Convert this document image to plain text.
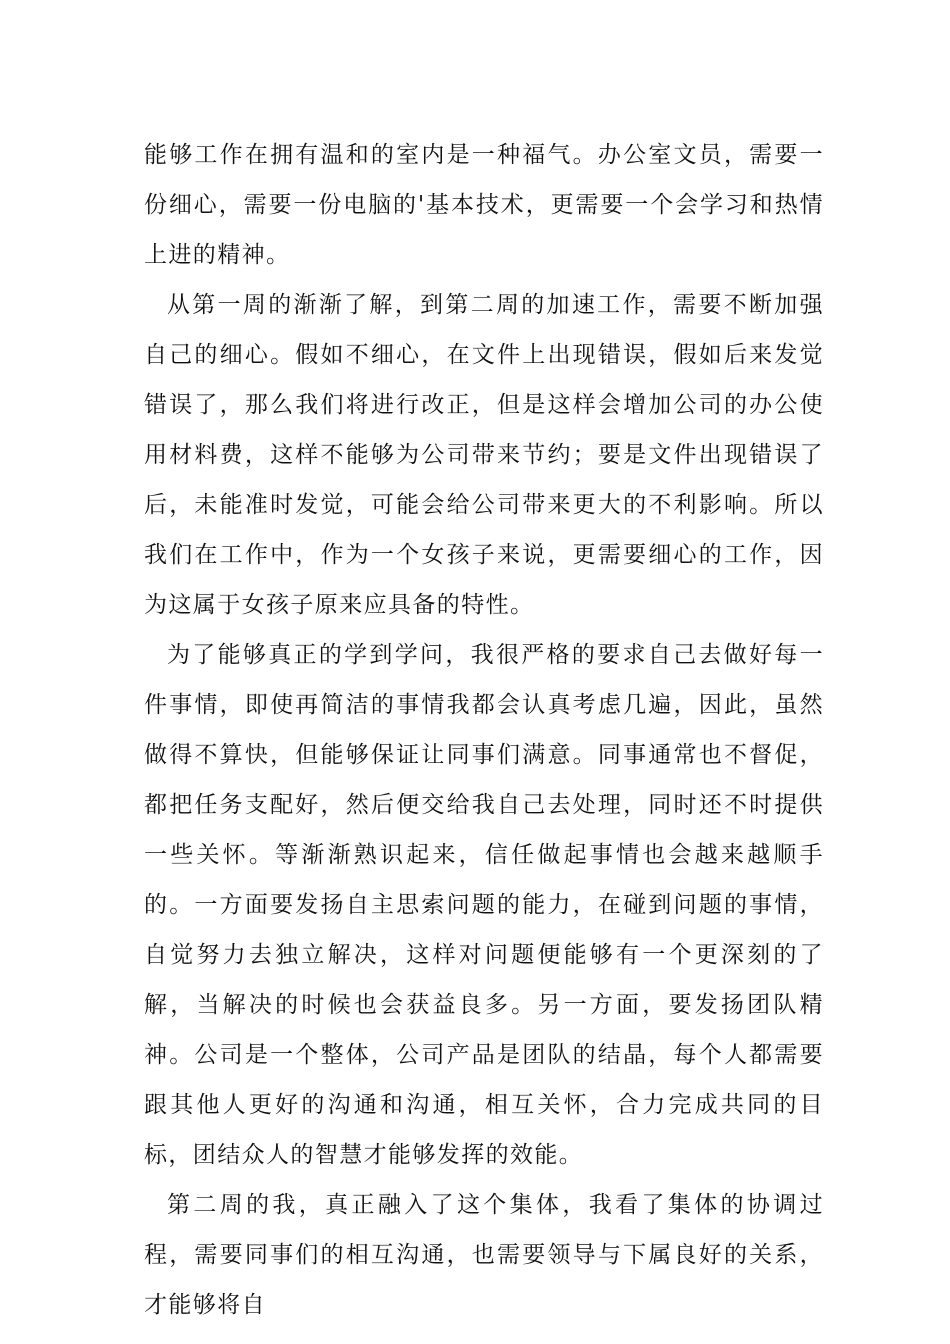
能够工作在拥有温和的室内是一种福气。办公室文员，需要一份细心，需要一份电脑的'基本技术，更需要一个会学习和热情上进的精神。

从第一周的渐渐了解，到第二周的加速工作，需要不断加强自己的细心。假如不细心，在文件上出现错误，假如后来发觉错误了，那么我们将进行改正，但是这样会增加公司的办公使用材料费，这样不能够为公司带来节约；要是文件出现错误了后，未能准时发觉，可能会给公司带来更大的不利影响。所以我们在工作中，作为一个女孩子来说，更需要细心的工作，因为这属于女孩子原来应具备的特性。

为了能够真正的学到学问，我很严格的要求自己去做好每一件事情，即使再简洁的事情我都会认真考虑几遍，因此，虽然做得不算快，但能够保证让同事们满意。同事通常也不督促，都把任务支配好，然后便交给我自己去处理，同时还不时提供一些关怀。等渐渐熟识起来，信任做起事情也会越来越顺手的。一方面要发扬自主思索问题的能力，在碰到问题的事情，自觉努力去独立解决，这样对问题便能够有一个更深刻的了解，当解决的时候也会获益良多。另一方面，要发扬团队精神。公司是一个整体，公司产品是团队的结晶，每个人都需要跟其他人更好的沟通和沟通，相互关怀，合力完成共同的目标，团结众人的智慧才能够发挥的效能。

第二周的我，真正融入了这个集体，我看了集体的协调过程，需要同事们的相互沟通，也需要领导与下属良好的关系，才能够将自
